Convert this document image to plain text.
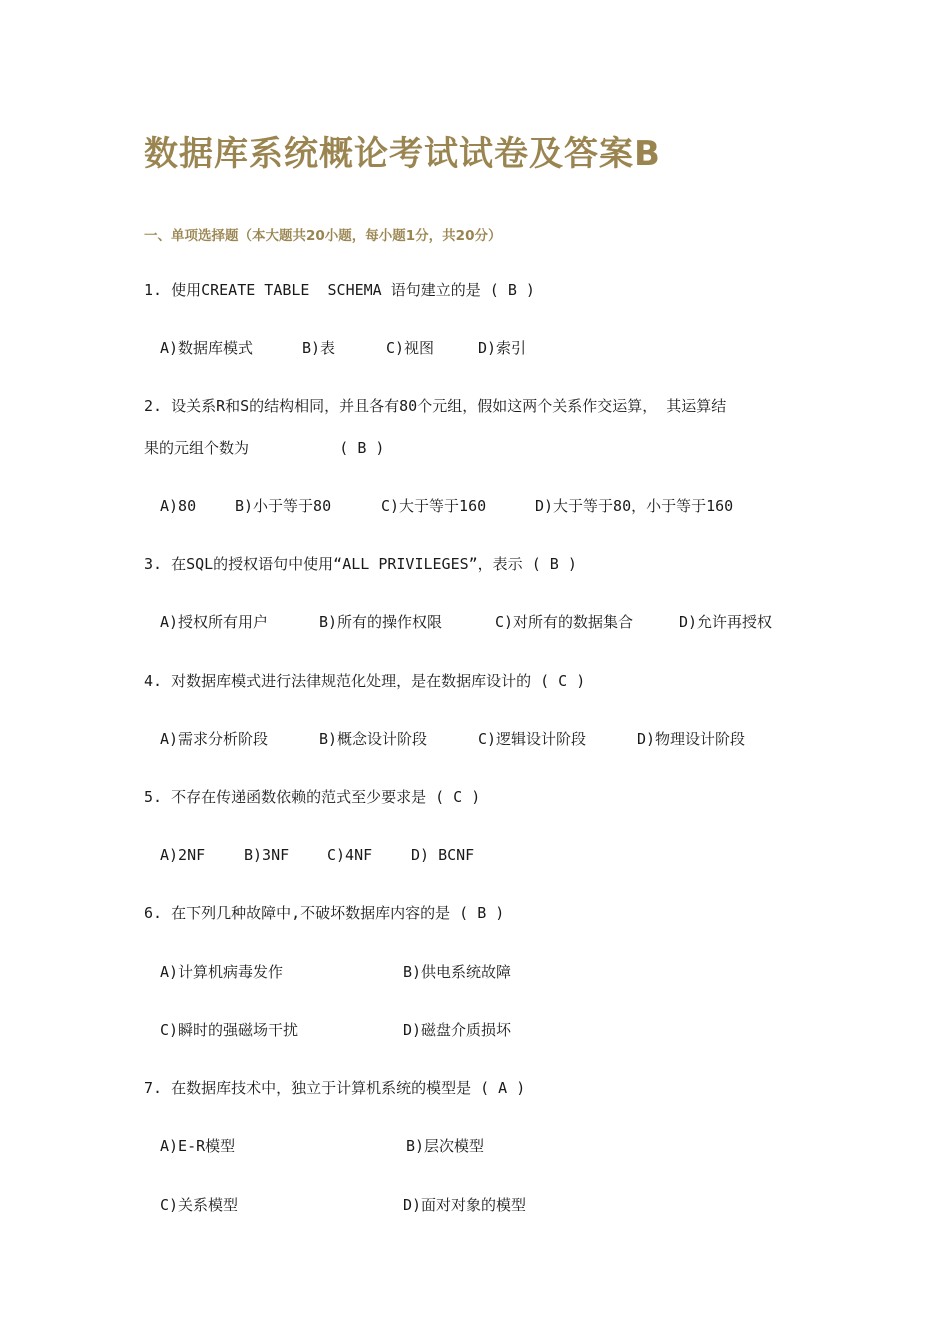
数据库系统概论考试试卷及答案B
一、单项选择题（本大题共20小题，每小题1分，共20分）
1. 使用CREATE TABLE  SCHEMA 语句建立的是 ( B )
A)数据库模式	B)表	C)视图	D)索引
2. 设关系R和S的结构相同，并且各有80个元组，假如这两个关系作交运算， 其运算结
果的元组个数为          ( B )
A)80	B)小于等于80	C)大于等于160	D)大于等于80，小于等于160
3. 在SQL的授权语句中使用“ALL PRIVILEGES”，表示 ( B )
A)授权所有用户	B)所有的操作权限	C)对所有的数据集合	D)允许再授权
4. 对数据库模式进行法律规范化处理，是在数据库设计的 ( C )
A)需求分析阶段	B)概念设计阶段	C)逻辑设计阶段	D)物理设计阶段
5. 不存在传递函数依赖的范式至少要求是 ( C )
A)2NF	B)3NF	C)4NF	D) BCNF
6. 在下列几种故障中,不破坏数据库内容的是 ( B )
A)计算机病毒发作	B)供电系统故障
C)瞬时的强磁场干扰	D)磁盘介质损坏
7. 在数据库技术中，独立于计算机系统的模型是 ( A )
A)E-R模型	B)层次模型
C)关系模型	D)面对对象的模型
